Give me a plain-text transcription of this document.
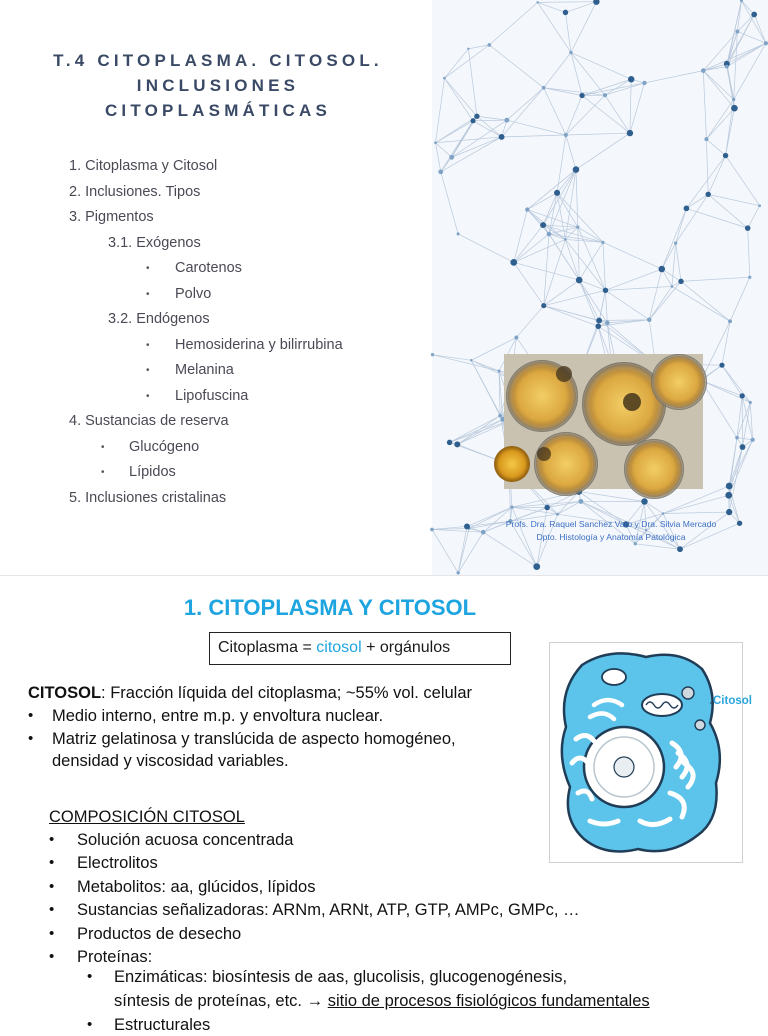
T.4 CITOPLASMA. CITOSOL.
INCLUSIONES
CITOPLASMÁTICAS
1. Citoplasma y Citosol
2. Inclusiones. Tipos
3. Pigmentos
3.1. Exógenos
Carotenos
•
Polvo
•
3.2. Endógenos
Hemosiderina y bilirrubina
•
Melanina
•
Lipofuscina
•
4. Sustancias de reserva
Glucógeno
•
Lípidos
•
5. Inclusiones cristalinas
Profs. Dra. Raquel Sanchez Varo y Dra. Silvia Mercado
Dpto. Histología y Anatomía Patológica
1. CITOPLASMA Y CITOSOL
Citoplasma = citosol + orgánulos
Citosol
CITOSOL: Fracción líquida del citoplasma; ~55% vol. celular
• Medio interno, entre m.p. y envoltura nuclear.
• Matriz gelatinosa y translúcida de aspecto homogéneo,
densidad y viscosidad variables.
COMPOSICIÓN CITOSOL
• Solución acuosa concentrada
• Electrolitos
• Metabolitos: aa, glúcidos, lípidos
• Sustancias señalizadoras: ARNm, ARNt, ATP, GTP, AMPc, GMPc, …
• Productos de desecho
• Proteínas:
• Enzimáticas: biosíntesis de aas, glucolisis, glucogenogénesis,
síntesis de proteínas, etc. → sitio de procesos fisiológicos fundamentales
• Estructurales
